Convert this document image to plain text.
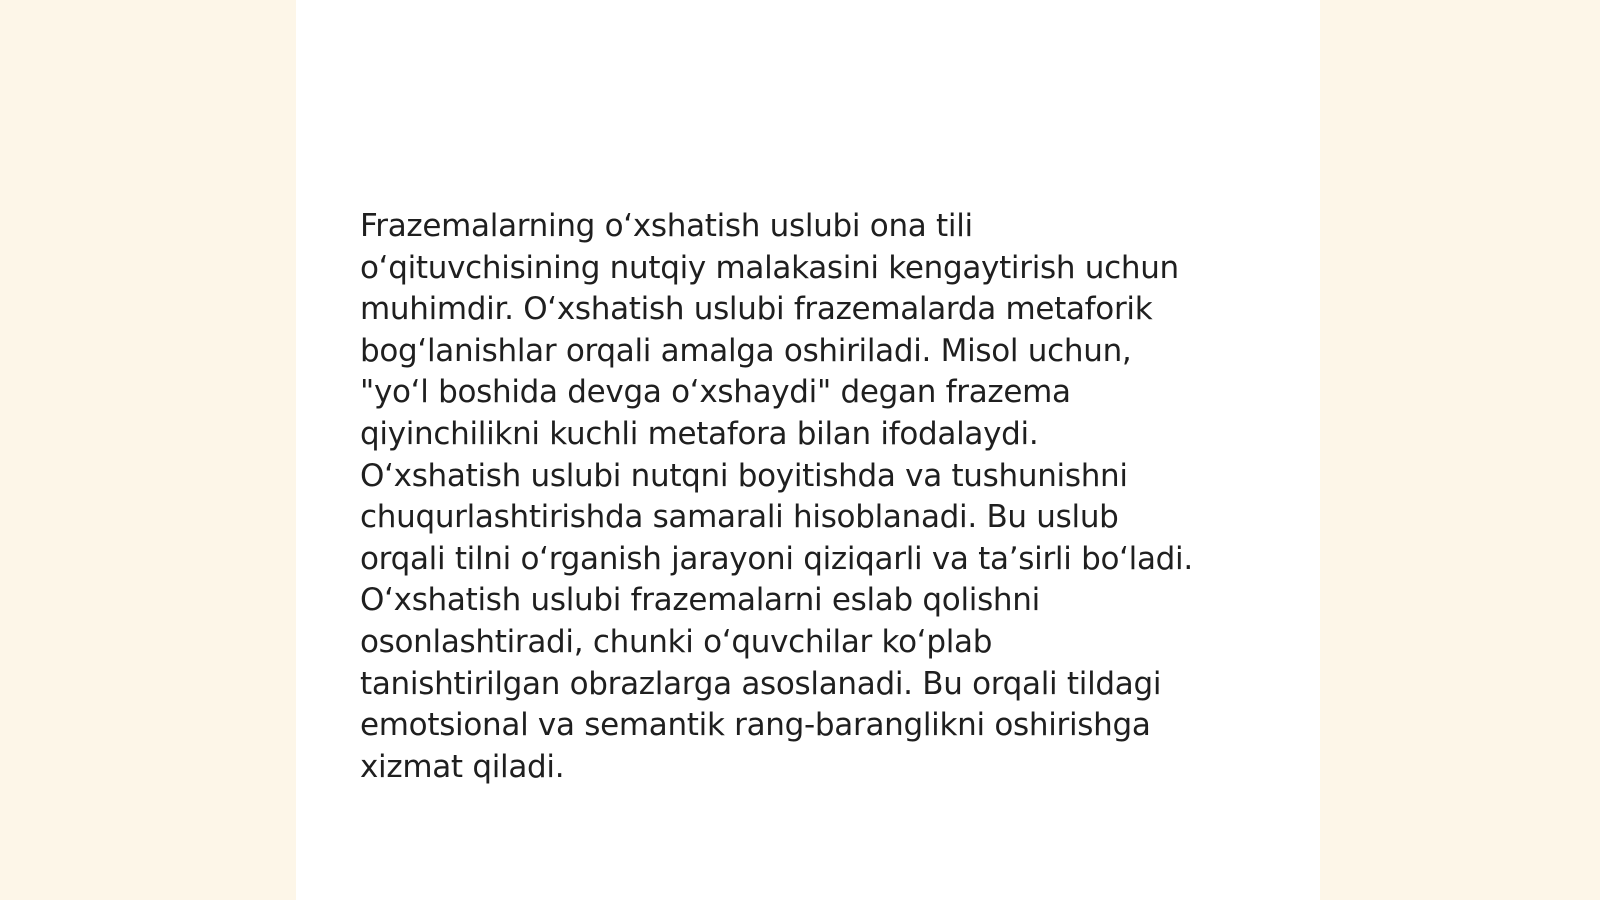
Frazemalarning o‘xshatish uslubi ona tili
o‘qituvchisining nutqiy malakasini kengaytirish uchun
muhimdir. O‘xshatish uslubi frazemalarda metaforik
bog‘lanishlar orqali amalga oshiriladi. Misol uchun,
"yo‘l boshida devga o‘xshaydi" degan frazema
qiyinchilikni kuchli metafora bilan ifodalaydi.
O‘xshatish uslubi nutqni boyitishda va tushunishni
chuqurlashtirishda samarali hisoblanadi. Bu uslub
orqali tilni o‘rganish jarayoni qiziqarli va ta’sirli bo‘ladi.
O‘xshatish uslubi frazemalarni eslab qolishni
osonlashtiradi, chunki o‘quvchilar ko‘plab
tanishtirilgan obrazlarga asoslanadi. Bu orqali tildagi
emotsional va semantik rang-baranglikni oshirishga
xizmat qiladi.
